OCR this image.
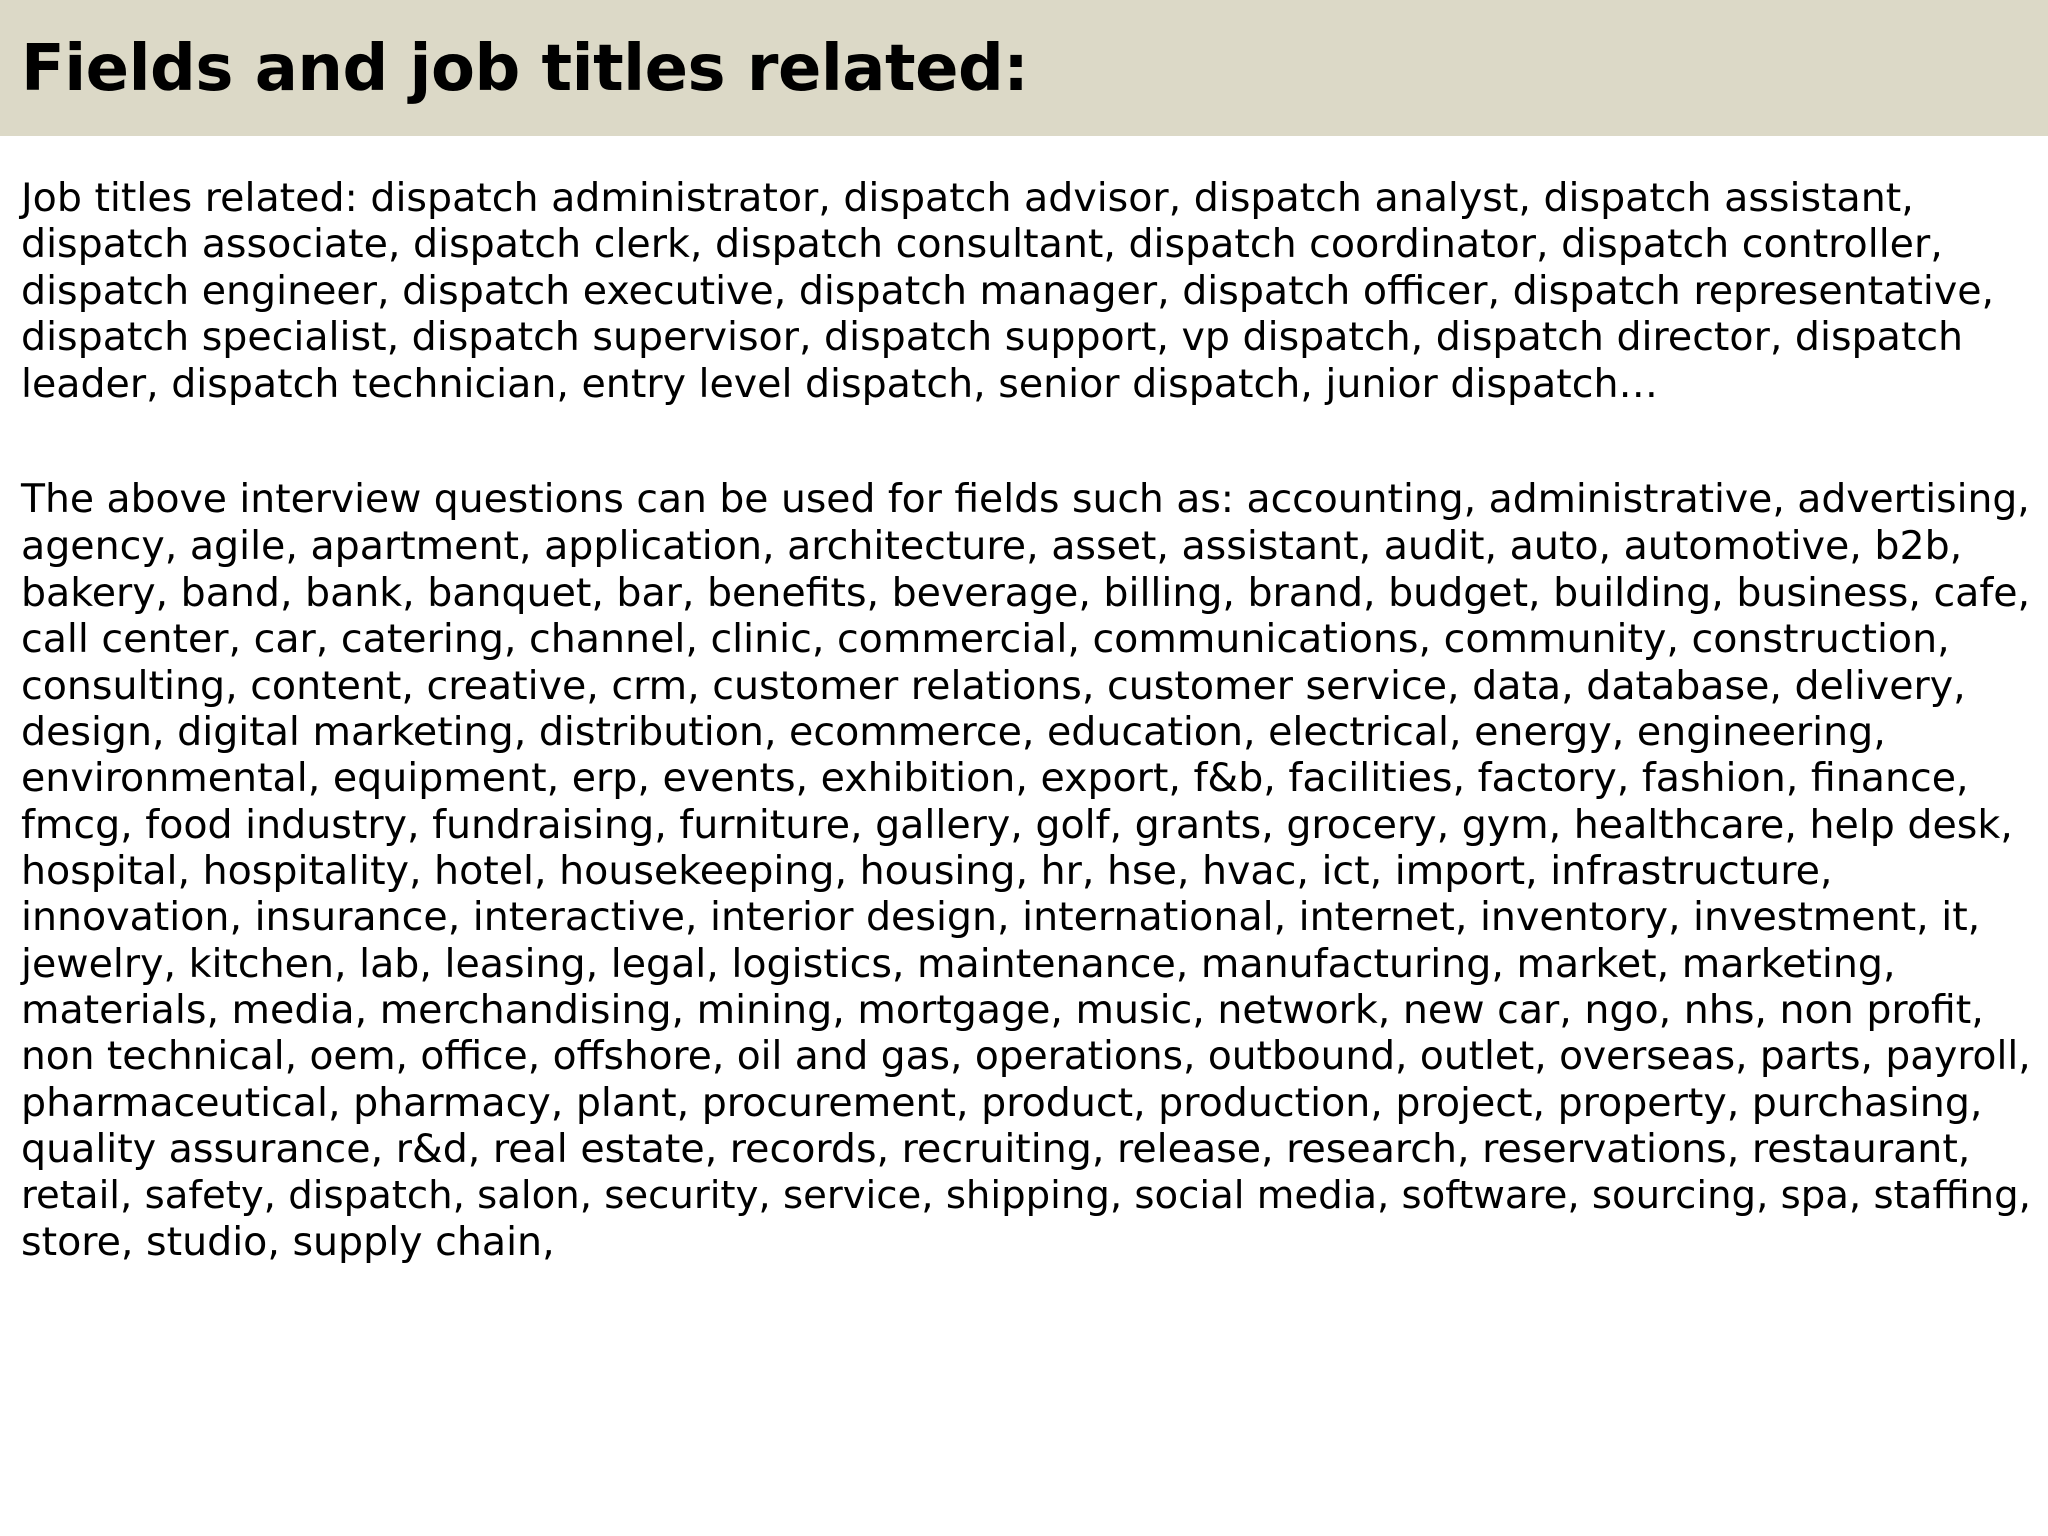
Fields and job titles related:

Job titles related: dispatch administrator, dispatch advisor, dispatch analyst, dispatch assistant,
dispatch associate, dispatch clerk, dispatch consultant, dispatch coordinator, dispatch controller,
dispatch engineer, dispatch executive, dispatch manager, dispatch officer, dispatch representative,
dispatch specialist, dispatch supervisor, dispatch support, vp dispatch, dispatch director, dispatch
leader, dispatch technician, entry level dispatch, senior dispatch, junior dispatch…

The above interview questions can be used for fields such as: accounting, administrative, advertising,
agency, agile, apartment, application, architecture, asset, assistant, audit, auto, automotive, b2b,
bakery, band, bank, banquet, bar, benefits, beverage, billing, brand, budget, building, business, cafe,
call center, car, catering, channel, clinic, commercial, communications, community, construction,
consulting, content, creative, crm, customer relations, customer service, data, database, delivery,
design, digital marketing, distribution, ecommerce, education, electrical, energy, engineering,
environmental, equipment, erp, events, exhibition, export, f&b, facilities, factory, fashion, finance,
fmcg, food industry, fundraising, furniture, gallery, golf, grants, grocery, gym, healthcare, help desk,
hospital, hospitality, hotel, housekeeping, housing, hr, hse, hvac, ict, import, infrastructure,
innovation, insurance, interactive, interior design, international, internet, inventory, investment, it,
jewelry, kitchen, lab, leasing, legal, logistics, maintenance, manufacturing, market, marketing,
materials, media, merchandising, mining, mortgage, music, network, new car, ngo, nhs, non profit,
non technical, oem, office, offshore, oil and gas, operations, outbound, outlet, overseas, parts, payroll,
pharmaceutical, pharmacy, plant, procurement, product, production, project, property, purchasing,
quality assurance, r&d, real estate, records, recruiting, release, research, reservations, restaurant,
retail, safety, dispatch, salon, security, service, shipping, social media, software, sourcing, spa, staffing,
store, studio, supply chain,
